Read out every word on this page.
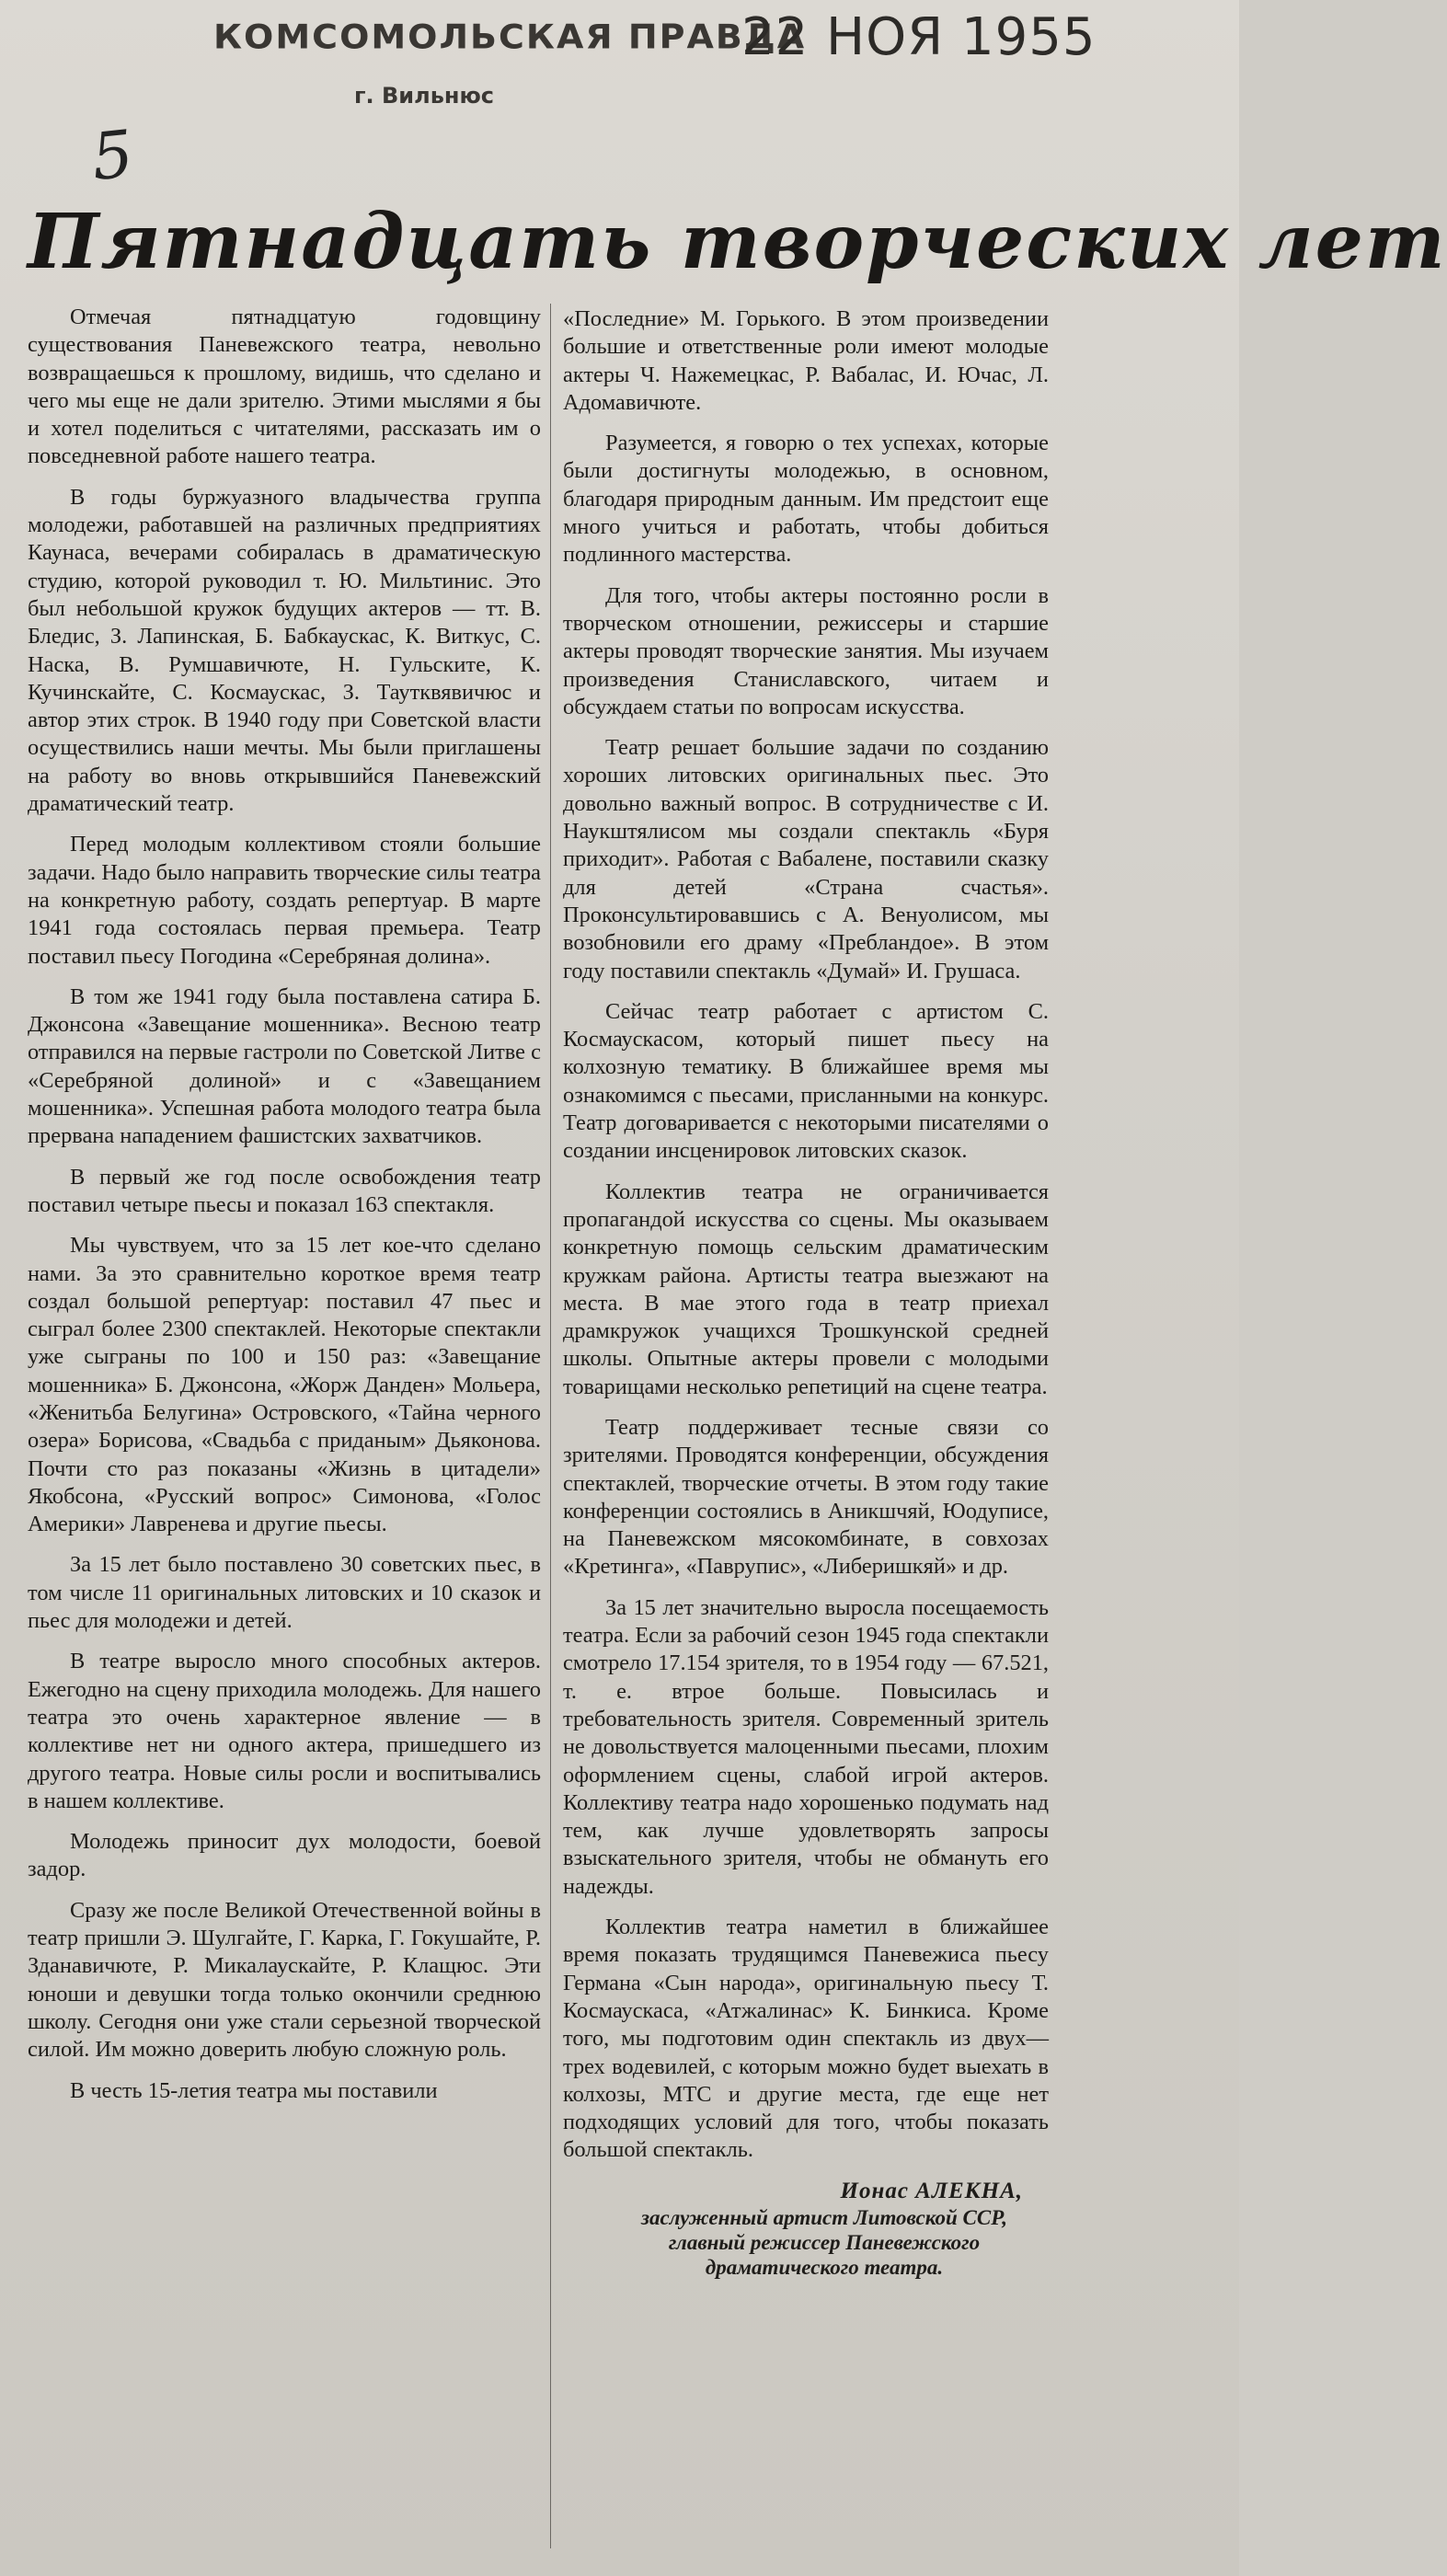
КОМСОМОЛЬСКАЯ ПРАВДА
22 НОЯ 1955
г. Вильнюс
5
Пятнадцать творческих лет

Отмечая пятнадцатую годовщину существования Паневежского театра, невольно возвращаешься к прошлому, видишь, что сделано и чего мы еще не дали зрителю. Этими мыслями я бы и хотел поделиться с читателями, рассказать им о повседневной работе нашего театра.

В годы буржуазного владычества группа молодежи, работавшей на различных предприятиях Каунаса, вечерами собиралась в драматическую студию, которой руководил т. Ю. Мильтинис. Это был небольшой кружок будущих актеров — тт. В. Бледис, З. Лапинская, Б. Бабкаускас, К. Виткус, С. Наска, В. Румшавичюте, Н. Гульските, К. Кучинскайте, С. Космаускас, З. Таутквявичюс и автор этих строк. В 1940 году при Советской власти осуществились наши мечты. Мы были приглашены на работу во вновь открывшийся Паневежский драматический театр.

Перед молодым коллективом стояли большие задачи. Надо было направить творческие силы театра на конкретную работу, создать репертуар. В марте 1941 года состоялась первая премьера. Театр поставил пьесу Погодина «Серебряная долина».

В том же 1941 году была поставлена сатира Б. Джонсона «Завещание мошенника». Весною театр отправился на первые гастроли по Советской Литве с «Серебряной долиной» и с «Завещанием мошенника». Успешная работа молодого театра была прервана нападением фашистских захватчиков.

В первый же год после освобождения театр поставил четыре пьесы и показал 163 спектакля.

Мы чувствуем, что за 15 лет кое-что сделано нами. За это сравнительно короткое время театр создал большой репертуар: поставил 47 пьес и сыграл более 2300 спектаклей. Некоторые спектакли уже сыграны по 100 и 150 раз: «Завещание мошенника» Б. Джонсона, «Жорж Данден» Мольера, «Женитьба Белугина» Островского, «Тайна черного озера» Борисова, «Свадьба с приданым» Дьяконова. Почти сто раз показаны «Жизнь в цитадели» Якобсона, «Русский вопрос» Симонова, «Голос Америки» Лавренева и другие пьесы.

За 15 лет было поставлено 30 советских пьес, в том числе 11 оригинальных литовских и 10 сказок и пьес для молодежи и детей.

В театре выросло много способных актеров. Ежегодно на сцену приходила молодежь. Для нашего театра это очень характерное явление — в коллективе нет ни одного актера, пришедшего из другого театра. Новые силы росли и воспитывались в нашем коллективе.

Молодежь приносит дух молодости, боевой задор.

Сразу же после Великой Отечественной войны в театр пришли Э. Шулгайте, Г. Карка, Г. Гокушайте, Р. Зданавичюте, Р. Микалаускайте, Р. Клащюс. Эти юноши и девушки тогда только окончили среднюю школу. Сегодня они уже стали серьезной творческой силой. Им можно доверить любую сложную роль.

В честь 15-летия театра мы поставили

«Последние» М. Горького. В этом произведении большие и ответственные роли имеют молодые актеры Ч. Нажемецкас, Р. Вабалас, И. Ючас, Л. Адомавичюте.

Разумеется, я говорю о тех успехах, которые были достигнуты молодежью, в основном, благодаря природным данным. Им предстоит еще много учиться и работать, чтобы добиться подлинного мастерства.

Для того, чтобы актеры постоянно росли в творческом отношении, режиссеры и старшие актеры проводят творческие занятия. Мы изучаем произведения Станиславского, читаем и обсуждаем статьи по вопросам искусства.

Театр решает большие задачи по созданию хороших литовских оригинальных пьес. Это довольно важный вопрос. В сотрудничестве с И. Наукштялисом мы создали спектакль «Буря приходит». Работая с Вабаленe, поставили сказку для детей «Страна счастья». Проконсультировавшись с А. Венуолисом, мы возобновили его драму «Пребландое». В этом году поставили спектакль «Думай» И. Грушаса.

Сейчас театр работает с артистом С. Космаускасом, который пишет пьесу на колхозную тематику. В ближайшее время мы ознакомимся с пьесами, присланными на конкурс. Театр договаривается с некоторыми писателями о создании инсценировок литовских сказок.

Коллектив театра не ограничивается пропагандой искусства со сцены. Мы оказываем конкретную помощь сельским драматическим кружкам района. Артисты театра выезжают на места. В мае этого года в театр приехал драмкружок учащихся Трошкунской средней школы. Опытные актеры провели с молодыми товарищами несколько репетиций на сцене театра.

Театр поддерживает тесные связи со зрителями. Проводятся конференции, обсуждения спектаклей, творческие отчеты. В этом году такие конференции состоялись в Аникшчяй, Юодуписе, на Паневежском мясокомбинате, в совхозах «Кретинга», «Паврупис», «Либеришкяй» и др.

За 15 лет значительно выросла посещаемость театра. Если за рабочий сезон 1945 года спектакли смотрело 17.154 зрителя, то в 1954 году — 67.521, т. е. втрое больше. Повысилась и требовательность зрителя. Современный зритель не довольствуется малоценными пьесами, плохим оформлением сцены, слабой игрой актеров. Коллективу театра надо хорошенько подумать над тем, как лучше удовлетворять запросы взыскательного зрителя, чтобы не обмануть его надежды.

Коллектив театра наметил в ближайшее время показать трудящимся Паневежиса пьесу Германа «Сын народа», оригинальную пьесу Т. Космаускаса, «Атжалинас» К. Бинкиса. Кроме того, мы подготовим один спектакль из двух—трех водевилей, с которым можно будет выехать в колхозы, МТС и другие места, где еще нет подходящих условий для того, чтобы показать большой спектакль.

Ионас АЛЕКНА,
заслуженный артист Литовской ССР,
главный режиссер Паневежского
драматического театра.
